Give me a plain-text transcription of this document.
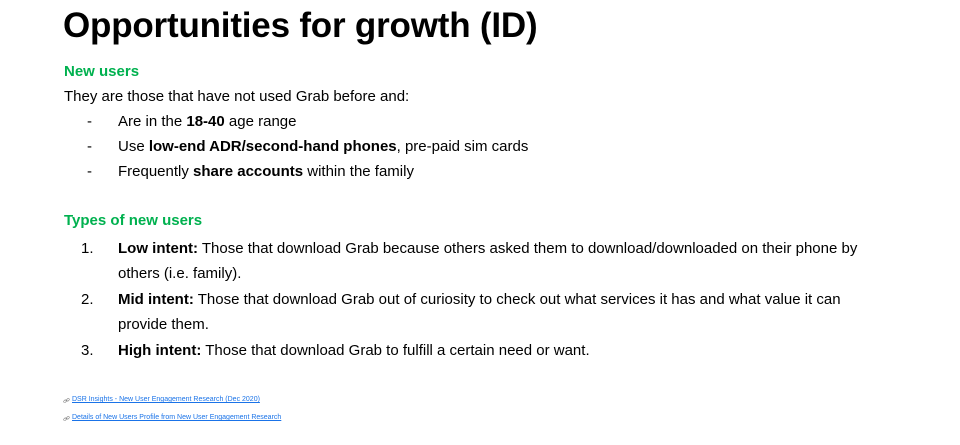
Opportunities for growth (ID)
New users

They are those that have not used Grab before and:

- Are in the 18-40 age range
- Use low-end ADR/second-hand phones, pre-paid sim cards
- Frequently share accounts within the family
Types of new users
1. Low intent: Those that download Grab because others asked them to download/downloaded on their phone by others (i.e. family).
2. Mid intent: Those that download Grab out of curiosity to check out what services it has and what value it can provide them.
3. High intent: Those that download Grab to fulfill a certain need or want.
DSR Insights - New User Engagement Research (Dec 2020)
Details of New Users Profile from New User Engagement Research
